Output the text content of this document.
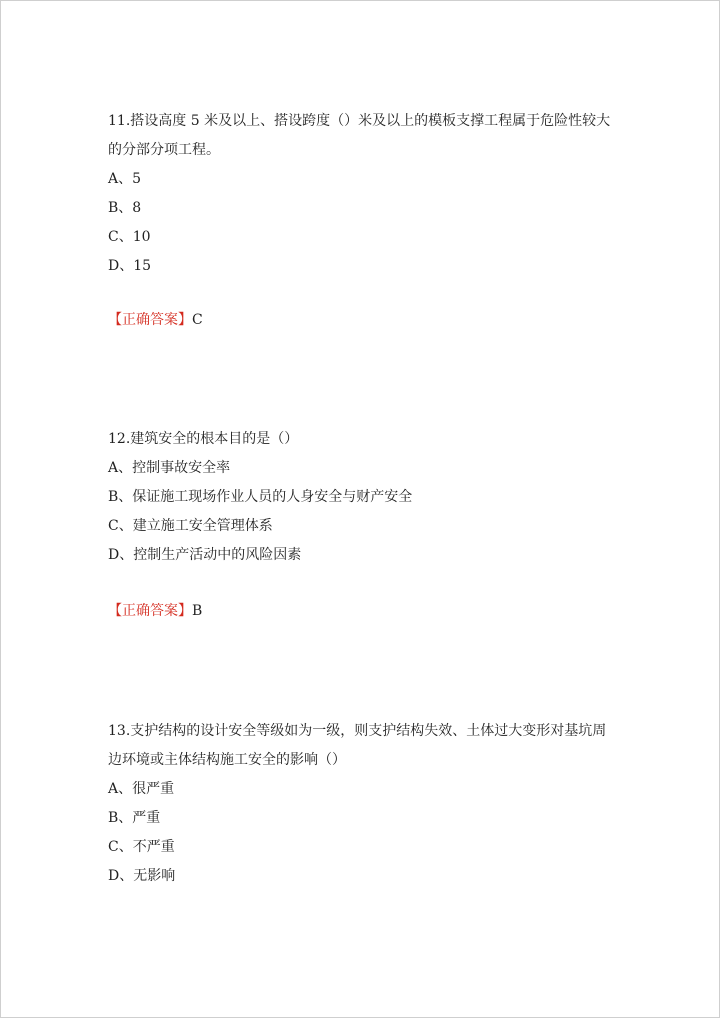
11.搭设高度 5 米及以上、搭设跨度（）米及以上的模板支撑工程属于危险性较大的分部分项工程。

A、5

B、8

C、10

D、15

【正确答案】C

12.建筑安全的根本目的是（）

A、控制事故安全率

B、保证施工现场作业人员的人身安全与财产安全

C、建立施工安全管理体系

D、控制生产活动中的风险因素

【正确答案】B

13.支护结构的设计安全等级如为一级，则支护结构失效、土体过大变形对基坑周边环境或主体结构施工安全的影响（）

A、很严重

B、严重

C、不严重

D、无影响
